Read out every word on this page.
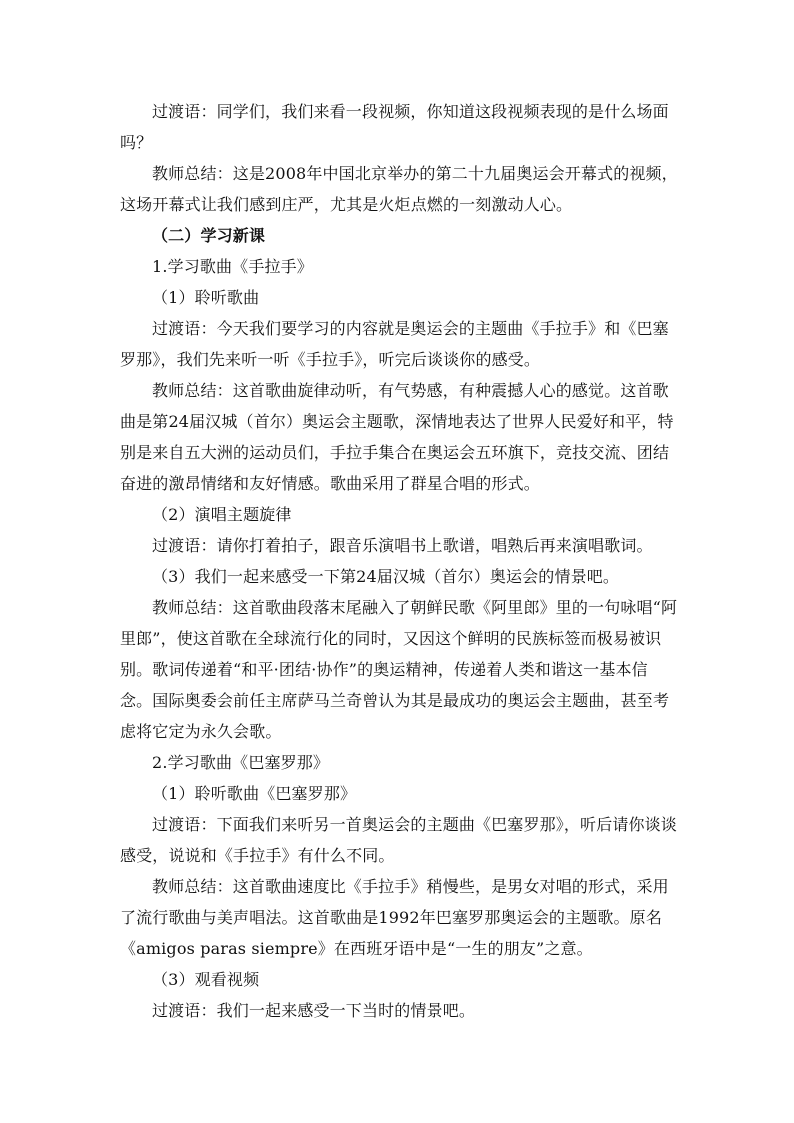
过渡语：同学们，我们来看一段视频，你知道这段视频表现的是什么场面吗？

教师总结：这是2008年中国北京举办的第二十九届奥运会开幕式的视频，这场开幕式让我们感到庄严，尤其是火炬点燃的一刻激动人心。

（二）学习新课

1.学习歌曲《手拉手》

（1）聆听歌曲

过渡语：今天我们要学习的内容就是奥运会的主题曲《手拉手》和《巴塞罗那》，我们先来听一听《手拉手》，听完后谈谈你的感受。

教师总结：这首歌曲旋律动听，有气势感，有种震撼人心的感觉。这首歌曲是第24届汉城（首尔）奥运会主题歌，深情地表达了世界人民爱好和平，特别是来自五大洲的运动员们，手拉手集合在奥运会五环旗下，竞技交流、团结奋进的激昂情绪和友好情感。歌曲采用了群星合唱的形式。

（2）演唱主题旋律

过渡语：请你打着拍子，跟音乐演唱书上歌谱，唱熟后再来演唱歌词。

（3）我们一起来感受一下第24届汉城（首尔）奥运会的情景吧。

教师总结：这首歌曲段落末尾融入了朝鲜民歌《阿里郎》里的一句咏唱“阿里郎”，使这首歌在全球流行化的同时，又因这个鲜明的民族标签而极易被识别。歌词传递着“和平·团结·协作”的奥运精神，传递着人类和谐这一基本信念。国际奥委会前任主席萨马兰奇曾认为其是最成功的奥运会主题曲，甚至考虑将它定为永久会歌。

2.学习歌曲《巴塞罗那》

（1）聆听歌曲《巴塞罗那》

过渡语：下面我们来听另一首奥运会的主题曲《巴塞罗那》，听后请你谈谈感受，说说和《手拉手》有什么不同。

教师总结：这首歌曲速度比《手拉手》稍慢些，是男女对唱的形式，采用了流行歌曲与美声唱法。这首歌曲是1992年巴塞罗那奥运会的主题歌。原名《amigos paras siempre》在西班牙语中是“一生的朋友”之意。

（3）观看视频

过渡语：我们一起来感受一下当时的情景吧。
